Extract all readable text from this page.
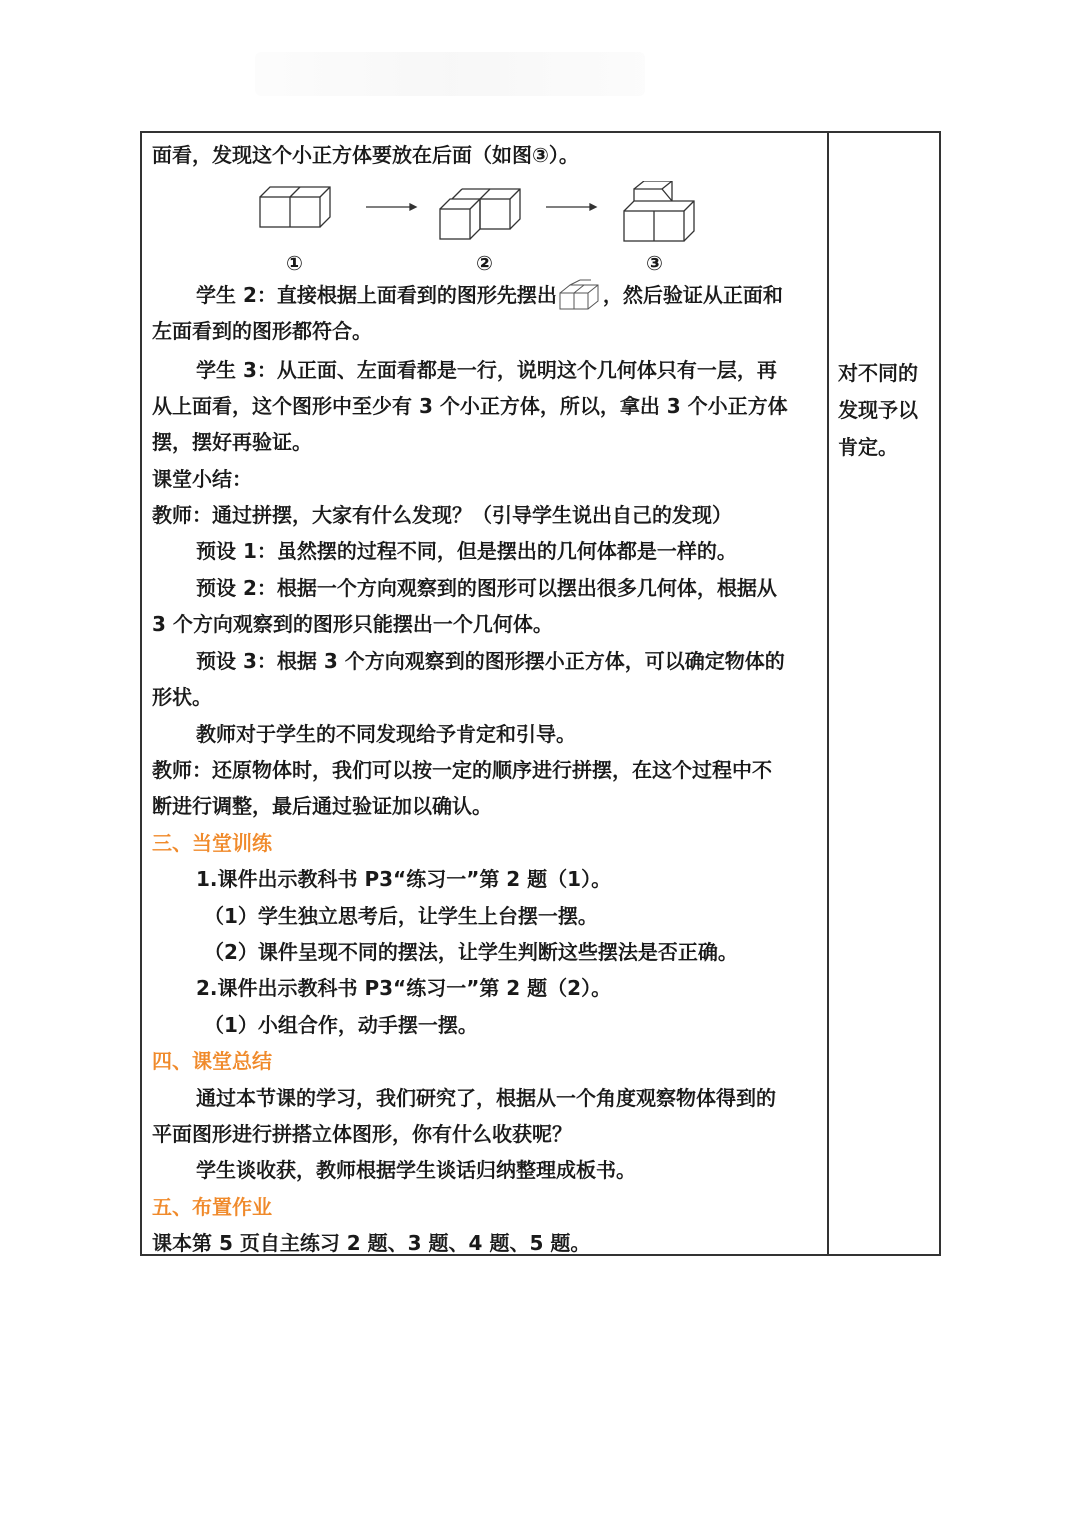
面看，发现这个小正方体要放在后面（如图③）。
①	②	③
学生 2：直接根据上面看到的图形先摆出 ，然后验证从正面和
左面看到的图形都符合。
学生 3：从正面、左面看都是一行，说明这个几何体只有一层，再
从上面看，这个图形中至少有 3 个小正方体，所以，拿出 3 个小正方体
摆，摆好再验证。
课堂小结：
教师：通过拼摆，大家有什么发现？（引导学生说出自己的发现）
预设 1：虽然摆的过程不同，但是摆出的几何体都是一样的。
预设 2：根据一个方向观察到的图形可以摆出很多几何体，根据从
3 个方向观察到的图形只能摆出一个几何体。
预设 3：根据 3 个方向观察到的图形摆小正方体，可以确定物体的
形状。
教师对于学生的不同发现给予肯定和引导。
教师：还原物体时，我们可以按一定的顺序进行拼摆，在这个过程中不
断进行调整，最后通过验证加以确认。
三、当堂训练
1.课件出示教科书 P3“练习一”第 2 题（1）。
（1）学生独立思考后，让学生上台摆一摆。
（2）课件呈现不同的摆法，让学生判断这些摆法是否正确。
2.课件出示教科书 P3“练习一”第 2 题（2）。
（1）小组合作，动手摆一摆。
四、课堂总结
通过本节课的学习，我们研究了，根据从一个角度观察物体得到的
平面图形进行拼搭立体图形，你有什么收获呢？
学生谈收获，教师根据学生谈话归纳整理成板书。
五、布置作业
课本第 5 页自主练习 2 题、3 题、4 题、5 题。
对不同的
发现予以
肯定。
